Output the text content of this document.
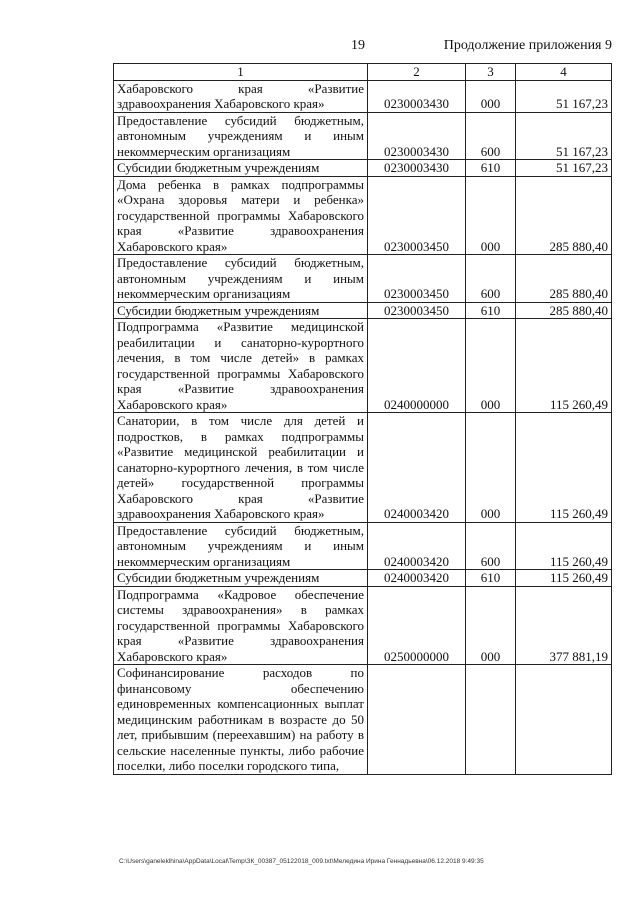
19	Продолжение приложения 9
1	2	3	4
Хабаровского края «Развитие здравоохранения Хабаровского края»	0230003430	000	51 167,23
Предоставление субсидий бюджетным, автономным учреждениям и иным некоммерческим организациям	0230003430	600	51 167,23
Субсидии бюджетным учреждениям	0230003430	610	51 167,23
Дома ребенка в рамках подпрограммы «Охрана здоровья матери и ребенка» государственной программы Хабаровского края «Развитие здравоохранения Хабаровского края»	0230003450	000	285 880,40
Предоставление субсидий бюджетным, автономным учреждениям и иным некоммерческим организациям	0230003450	600	285 880,40
Субсидии бюджетным учреждениям	0230003450	610	285 880,40
Подпрограмма «Развитие медицинской реабилитации и санаторно-курортного лечения, в том числе детей» в рамках государственной программы Хабаровского края «Развитие здравоохранения Хабаровского края»	0240000000	000	115 260,49
Санатории, в том числе для детей и подростков, в рамках подпрограммы «Развитие медицинской реабилитации и санаторно-курортного лечения, в том числе детей» государственной программы Хабаровского края «Развитие здравоохранения Хабаровского края»	0240003420	000	115 260,49
Предоставление субсидий бюджетным, автономным учреждениям и иным некоммерческим организациям	0240003420	600	115 260,49
Субсидии бюджетным учреждениям	0240003420	610	115 260,49
Подпрограмма «Кадровое обеспечение системы здравоохранения» в рамках государственной программы Хабаровского края «Развитие здравоохранения Хабаровского края»	0250000000	000	377 881,19
Софинансирование расходов по финансовому обеспечению единовременных компенсационных выплат медицинским работникам в возрасте до 50 лет, прибывшим (переехавшим) на работу в сельские населенные пункты, либо рабочие поселки, либо поселки городского типа,			
C:\Users\ganeleklhina\AppData\Local\Temp\ЗК_00387_05122018_009.txt\Меледина Ирина Геннадьевна\06.12.2018 9:49:35
